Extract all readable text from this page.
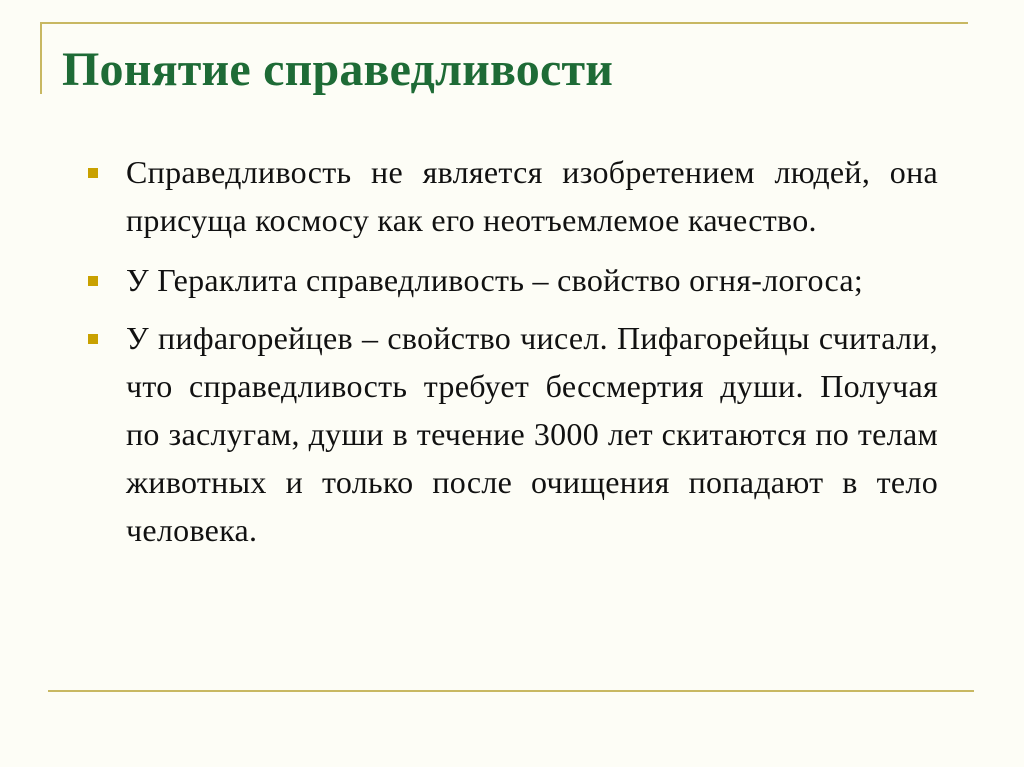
Понятие справедливости
Справедливость не является изобретением людей, она присуща космосу как его неотъемлемое качество.
У Гераклита справедливость – свойство огня-логоса;
У пифагорейцев – свойство чисел. Пифагорейцы считали, что справедливость требует бессмертия души. Получая по заслугам, души в течение 3000 лет скитаются по телам животных и только после очищения попадают в тело человека.
